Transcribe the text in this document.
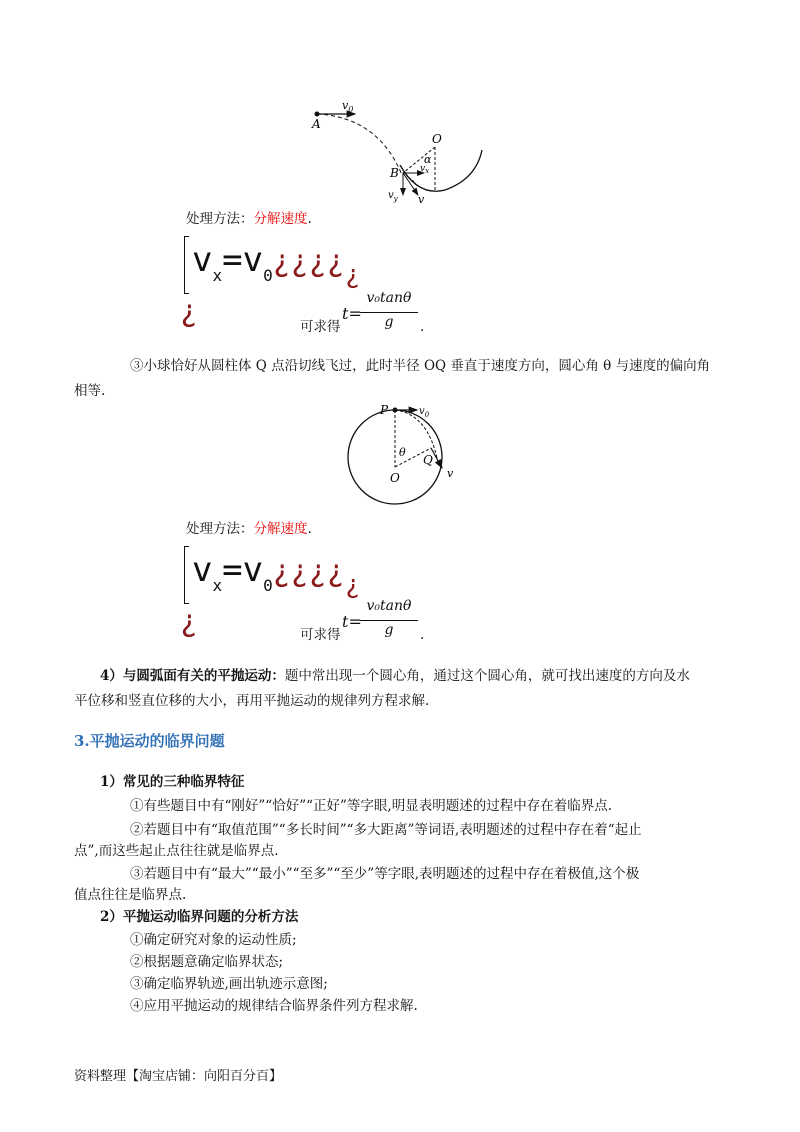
A
$v_0$
O
α
$v_x$
B
$v_y$ v
处理方法：分解速度.
$v_x=v_0¿¿¿¿_¿$
¿	可求得
t=
v₀tanθ
g	.
③小球恰好从圆柱体 Q 点沿切线飞过，此时半径 OQ 垂直于速度方向，圆心角 θ 与速度的偏向角
相等.
P	$v_0$
θ
Q
v
O
处理方法：分解速度.
$v_x=v_0¿¿¿¿_¿$
¿	可求得
t=
v₀tanθ
g	.
4）与圆弧面有关的平抛运动：题中常出现一个圆心角，通过这个圆心角，就可找出速度的方向及水
平位移和竖直位移的大小，再用平抛运动的规律列方程求解.
3.平抛运动的临界问题
1）常见的三种临界特征
①有些题目中有“刚好”“恰好”“正好”等字眼,明显表明题述的过程中存在着临界点.
②若题目中有“取值范围”“多长时间”“多大距离”等词语,表明题述的过程中存在着“起止
点”,而这些起止点往往就是临界点.
③若题目中有“最大”“最小”“至多”“至少”等字眼,表明题述的过程中存在着极值,这个极
值点往往是临界点.
2）平抛运动临界问题的分析方法
①确定研究对象的运动性质;
②根据题意确定临界状态;
③确定临界轨迹,画出轨迹示意图;
④应用平抛运动的规律结合临界条件列方程求解.
资料整理【淘宝店铺：向阳百分百】
